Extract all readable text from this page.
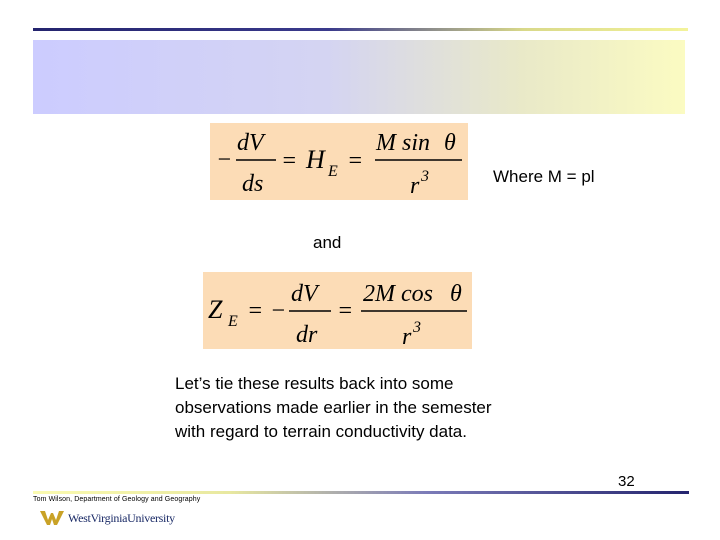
−
dV
ds
= H E =
M sin θ
r 3	Where M = pl
and
Z E = −
dV
dr
=
2M cos θ
r 3

Let’s tie these results back into some
observations made earlier in the semester
with regard to terrain conductivity data.

32
Tom Wilson, Department of Geology and Geography
WestVirginiaUniversity
